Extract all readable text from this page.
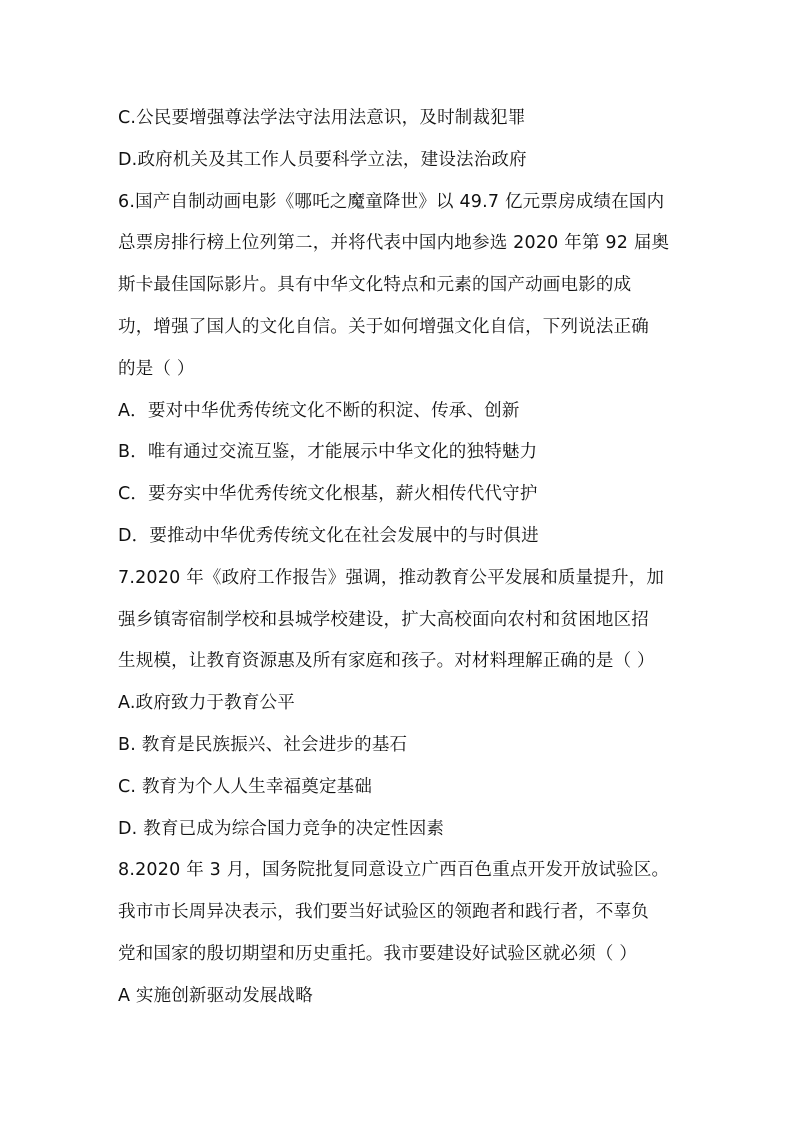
C.公民要增强尊法学法守法用法意识，及时制裁犯罪
D.政府机关及其工作人员要科学立法，建设法治政府
6.国产自制动画电影《哪吒之魔童降世》以 49.7 亿元票房成绩在国内
总票房排行榜上位列第二，并将代表中国内地参选 2020 年第 92 届奥
斯卡最佳国际影片。具有中华文化特点和元素的国产动画电影的成
功，增强了国人的文化自信。关于如何增强文化自信，下列说法正确
的是（ ）
A．要对中华优秀传统文化不断的积淀、传承、创新
B．唯有通过交流互鉴，才能展示中华文化的独特魅力
C．要夯实中华优秀传统文化根基，薪火相传代代守护
D．要推动中华优秀传统文化在社会发展中的与时俱进
7.2020 年《政府工作报告》强调，推动教育公平发展和质量提升，加
强乡镇寄宿制学校和县城学校建设，扩大高校面向农村和贫困地区招
生规模，让教育资源惠及所有家庭和孩子。对材料理解正确的是（ ）
A.政府致力于教育公平
B. 教育是民族振兴、社会进步的基石
C. 教育为个人人生幸福奠定基础
D. 教育已成为综合国力竞争的决定性因素
8.2020 年 3 月，国务院批复同意设立广西百色重点开发开放试验区。
我市市长周异决表示，我们要当好试验区的领跑者和践行者，不辜负
党和国家的殷切期望和历史重托。我市要建设好试验区就必须（ ）
A 实施创新驱动发展战略
